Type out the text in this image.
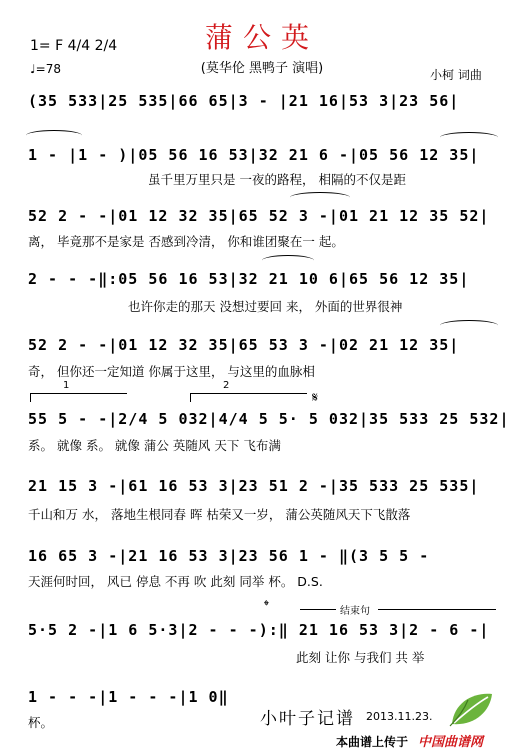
蒲公英
(莫华伦 黑鸭子 演唱)
1= F 4/4 2/4
♩=78	小柯 词曲
(35 533|25 535|66 65|3 - |21 16|53 3|23 56|
1 - |1 - )|05 56 16 53|32 21 6 -|05 56 12 35|
虽千里万里只是 一夜的路程， 相隔的不仅是距
52 2 - -|01 12 32 35|65 52 3 -|01 21 12 35 52|
离， 毕竟那不是家是 否感到冷清， 你和谁团聚在一 起。
2 - - -‖:05 56 16 53|32 21 10 6|65 56 12 35|
也许你走的那天 没想过要回 来， 外面的世界很神
52 2 - -|01 12 32 35|65 53 3 -|02 21 12 35|
奇， 但你还一定知道 你属于这里， 与这里的血脉相
1	2
𝄋
55 5 - -|2/4 5 032|4/4 5 5· 5 032|35 533 25 532|
系。 就像 系。 就像 蒲公 英随风 天下 飞布满
21 15 3 -|61 16 53 3|23 51 2 -|35 533 25 535|
千山和万 水， 落地生根同春 晖 枯荣又一岁， 蒲公英随风天下飞散落
16 65 3 -|21 16 53 3|23 56 1 - ‖(3 5 5 -
天涯何时回， 风已 停息 不再 吹 此刻 同举 杯。 D.S.
𝄌	结束句
5·5 2 -|1 6 5·3|2 - - -):‖ 21 16 53 3|2 - 6 -|
此刻 让你 与我们 共 举
1 - - -|1 - - -|1 0‖
杯。	小叶子记谱 2013.11.23.
本曲谱上传于 中国曲谱网
